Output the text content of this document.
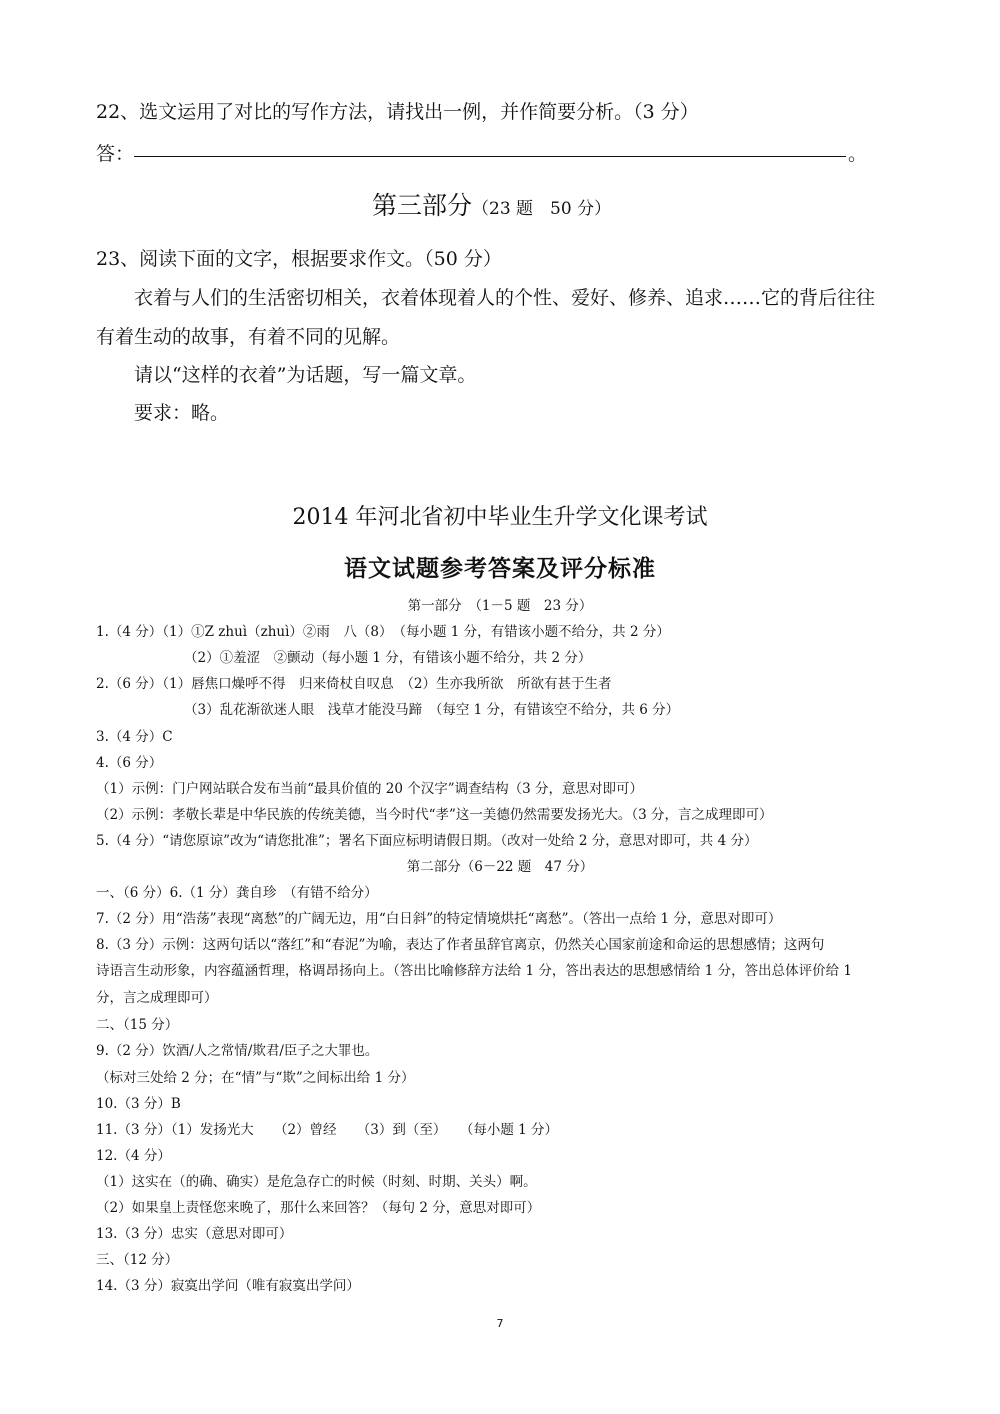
22、选文运用了对比的写作方法，请找出一例，并作简要分析。（3 分）
答：	。
第三部分（23 题　50 分）
23、阅读下面的文字，根据要求作文。（50 分）
衣着与人们的生活密切相关，衣着体现着人的个性、爱好、修养、追求……它的背后往往
有着生动的故事，有着不同的见解。
请以“这样的衣着”为话题，写一篇文章。
要求：略。
2014 年河北省初中毕业生升学文化课考试
语文试题参考答案及评分标准
第一部分　（1－5 题　23 分）
1.（4 分）（1）①Z zhuì（zhuì）②雨　八（8）　（每小题 1 分，有错该小题不给分，共 2 分）
（2）①羞涩　②颤动（每小题 1 分，有错该小题不给分，共 2 分）
2.（6 分）（1）唇焦口燥呼不得　归来倚杖自叹息　（2）生亦我所欲　所欲有甚于生者
（3）乱花渐欲迷人眼　浅草才能没马蹄　（每空 1 分，有错该空不给分，共 6 分）
3.（4 分）C
4.（6 分）
（1）示例：门户网站联合发布当前“最具价值的 20 个汉字”调查结构（3 分，意思对即可）
（2）示例：孝敬长辈是中华民族的传统美德，当今时代“孝”这一美德仍然需要发扬光大。（3 分，言之成理即可）
5.（4 分）“请您原谅”改为“请您批准”；署名下面应标明请假日期。（改对一处给 2 分，意思对即可，共 4 分）
第二部分（6－22 题　47 分）
一、（6 分）6.（1 分）龚自珍　（有错不给分）
7.（2 分）用“浩荡”表现“离愁”的广阔无边，用“白日斜”的特定情境烘托“离愁”。（答出一点给 1 分，意思对即可）
8.（3 分）示例：这两句话以“落红”和“春泥”为喻，表达了作者虽辞官离京，仍然关心国家前途和命运的思想感情；这两句
诗语言生动形象，内容蕴涵哲理，格调昂扬向上。（答出比喻修辞方法给 1 分，答出表达的思想感情给 1 分，答出总体评价给 1
分，言之成理即可）
二、（15 分）
9.（2 分）饮酒/人之常情/欺君/臣子之大罪也。
（标对三处给 2 分；在“情”与“欺”之间标出给 1 分）
10.（3 分）B
11.（3 分）（1）发扬光大　　（2）曾经　　（3）到（至）　　（每小题 1 分）
12.（4 分）
（1）这实在（的确、确实）是危急存亡的时候（时刻、时期、关头）啊。
（2）如果皇上责怪您来晚了，那什么来回答？（每句 2 分，意思对即可）
13.（3 分）忠实（意思对即可）
三、（12 分）
14.（3 分）寂寞出学问（唯有寂寞出学问）
7
